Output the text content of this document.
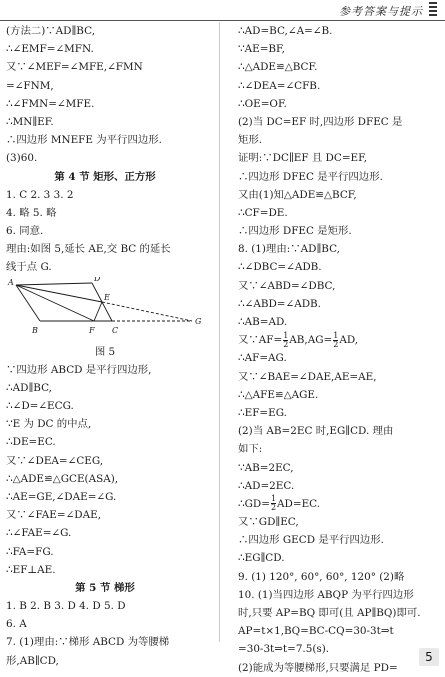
参考答案与提示
(方法二)∵AD∥BC,
∴∠EMF=∠MFN.
又∵∠MEF=∠MFE,∠FMN
=∠FNM,
∴∠FMN=∠MFE.
∴MN∥EF.
∴四边形 MNEFE 为平行四边形.
(3)60.
第 4 节 矩形、正方形
1. C 2. 3 3. 2
4. 略 5. 略
6. 同意.
理由:如图 5,延长 AE,交 BC 的延长
线于点 G.
A
B	C
D
E
F
G
图 5
∵四边形 ABCD 是平行四边形,
∴AD∥BC,
∴∠D=∠ECG.
∵E 为 DC 的中点,
∴DE=EC.
又∵∠DEA=∠CEG,
∴△ADE≌△GCE(ASA),
∴AE=GE,∠DAE=∠G.
又∵∠FAE=∠DAE,
∴∠FAE=∠G.
∴FA=FG.
∴EF⊥AE.
第 5 节 梯形
1. B 2. B 3. D 4. D 5. D
6. A
7. (1)理由:∵梯形 ABCD 为等腰梯
形,AB∥CD,
∴AD=BC,∠A=∠B.
∵AE=BF,
∴△ADE≌△BCF.
∴∠DEA=∠CFB.
∴OE=OF.
(2)当 DC=EF 时,四边形 DFEC 是
矩形.
证明:∵DC∥EF 且 DC=EF,
∴四边形 DFEC 是平行四边形.
又由(1)知△ADE≌△BCF,
∴CF=DE.
∴四边形 DFEC 是矩形.
8. (1)理由:∵AD∥BC,
∴∠DBC=∠ADB.
又∵∠ABD=∠DBC,
∴∠ABD=∠ADB.
∴AB=AD.
又∵AF= $\frac{1}{2} AB,AG= \frac{1}{2}$ AD,
∴AF=AG.
又∵∠BAE=∠DAE,AE=AE,
∴△AFE≌△AGE.
∴EF=EG.
(2)当 AB=2EC 时,EG∥CD. 理由
如下:
∵AB=2EC,
∴AD=2EC.
∴GD= $\frac{1}{2} AD=EC$.
又∵GD∥EC,
∴四边形 GECD 是平行四边形.
∴EG∥CD.
9. (1) 120°, 60°, 60°, 120° (2)略
10. (1)当四边形 ABQP 为平行四边形
时,只要 AP=BQ 即可(且 AP∥BQ)即可.
AP=t×1,BQ=BC-CQ=30-3t⇒t
=30-3t⇒t=7.5(s).
(2)能成为等腰梯形,只要满足 PD=
5
